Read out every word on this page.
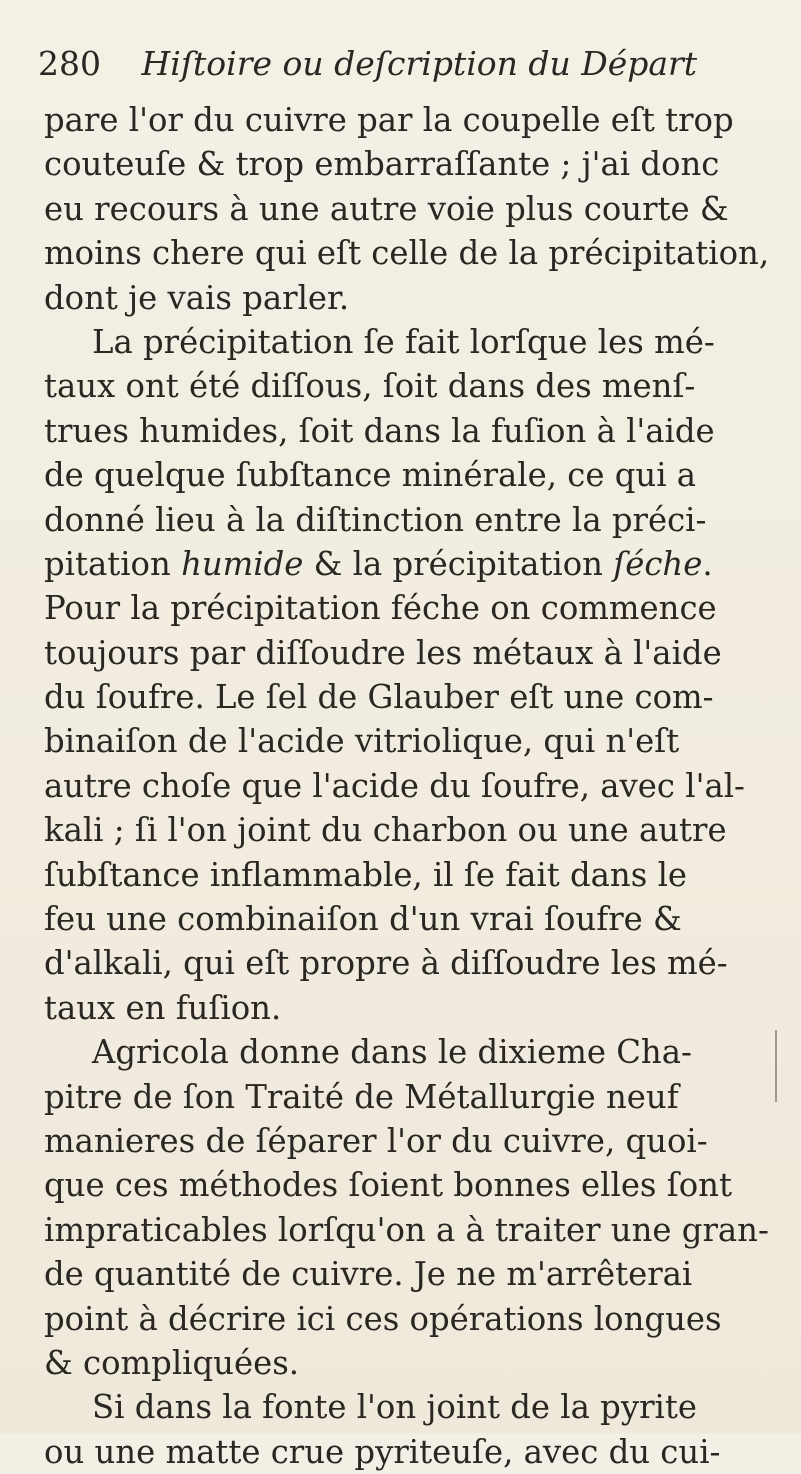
280 Hiſtoire ou deſcription du Départ
pare l'or du cuivre par la coupelle eſt trop
couteuſe & trop embarraſſante ; j'ai donc
eu recours à une autre voie plus courte &
moins chere qui eſt celle de la précipitation,
dont je vais parler.
La précipitation ſe fait lorſque les mé-
taux ont été diſſous, ſoit dans des menſ-
trues humides, ſoit dans la fuſion à l'aide
de quelque ſubſtance minérale, ce qui a
donné lieu à la diſtinction entre la préci-
pitation humide & la précipitation ſéche.
Pour la précipitation féche on commence
toujours par diſſoudre les métaux à l'aide
du ſoufre. Le ſel de Glauber eſt une com-
binaiſon de l'acide vitriolique, qui n'eſt
autre choſe que l'acide du ſoufre, avec l'al-
kali ; ſi l'on joint du charbon ou une autre
ſubſtance inflammable, il ſe fait dans le
feu une combinaiſon d'un vrai ſoufre &
d'alkali, qui eſt propre à diſſoudre les mé-
taux en fuſion.
Agricola donne dans le dixieme Cha-
pitre de ſon Traité de Métallurgie neuf
manieres de ſéparer l'or du cuivre, quoi-
que ces méthodes ſoient bonnes elles ſont
impraticables lorſqu'on a à traiter une gran-
de quantité de cuivre. Je ne m'arrêterai
point à décrire ici ces opérations longues
& compliquées.
Si dans la fonte l'on joint de la pyrite
ou une matte crue pyriteuſe, avec du cui-
